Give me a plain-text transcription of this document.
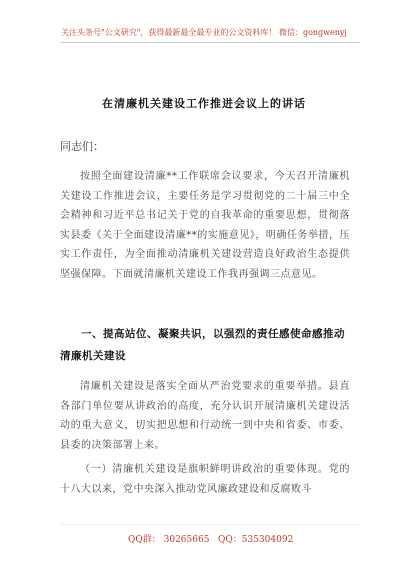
关注头条号"公文研究"，获得最新最全最专业的公文资料库！ 微信：gongwenyj
在清廉机关建设工作推进会议上的讲话
同志们：
按照全面建设清廉**工作联席会议要求，今天召开清廉机关建设工作推进会议，主要任务是学习贯彻党的二十届三中全会精神和习近平总书记关于党的自我革命的重要思想，贯彻落实县委《关于全面建设清廉**的实施意见》，明确任务举措，压实工作责任，为全面推动清廉机关建设营造良好政治生态提供坚强保障。下面就清廉机关建设工作我再强调三点意见。
一、提高站位、凝聚共识，以强烈的责任感使命感推动清廉机关建设
清廉机关建设是落实全面从严治党要求的重要举措。县直各部门单位要从讲政治的高度，充分认识开展清廉机关建设活动的重大意义，切实把思想和行动统一到中央和省委、市委、县委的决策部署上来。
（一）清廉机关建设是旗帜鲜明讲政治的重要体现。党的十八大以来，党中央深入推动党风廉政建设和反腐败斗
QQ群： 30265665 QQ：535304092
